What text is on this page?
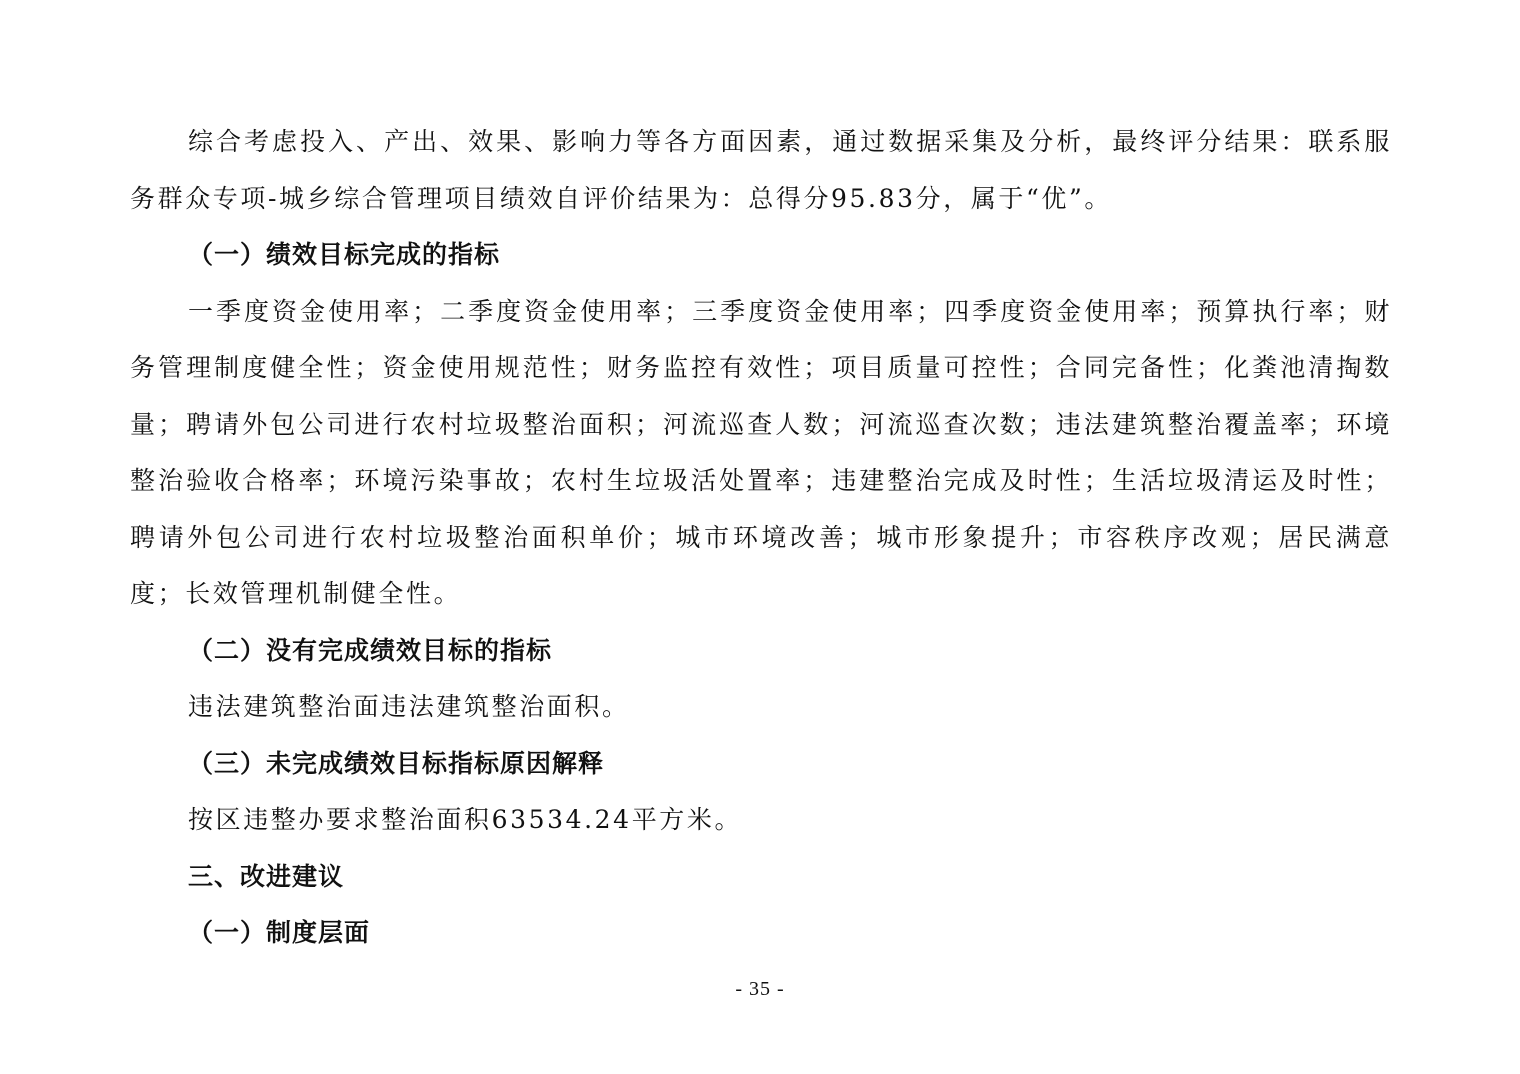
综合考虑投入、产出、效果、影响力等各方面因素，通过数据采集及分析，最终评分结果：联系服务群众专项-城乡综合管理项目绩效自评价结果为：总得分95.83分，属于“优”。

（一）绩效目标完成的指标

一季度资金使用率；二季度资金使用率；三季度资金使用率；四季度资金使用率；预算执行率；财务管理制度健全性；资金使用规范性；财务监控有效性；项目质量可控性；合同完备性；化粪池清掏数量；聘请外包公司进行农村垃圾整治面积；河流巡查人数；河流巡查次数；违法建筑整治覆盖率；环境整治验收合格率；环境污染事故；农村生垃圾活处置率；违建整治完成及时性；生活垃圾清运及时性；聘请外包公司进行农村垃圾整治面积单价；城市环境改善；城市形象提升；市容秩序改观；居民满意度；长效管理机制健全性。

（二）没有完成绩效目标的指标

违法建筑整治面违法建筑整治面积。

（三）未完成绩效目标指标原因解释

按区违整办要求整治面积63534.24平方米。

三、改进建议

（一）制度层面

- 35 -
